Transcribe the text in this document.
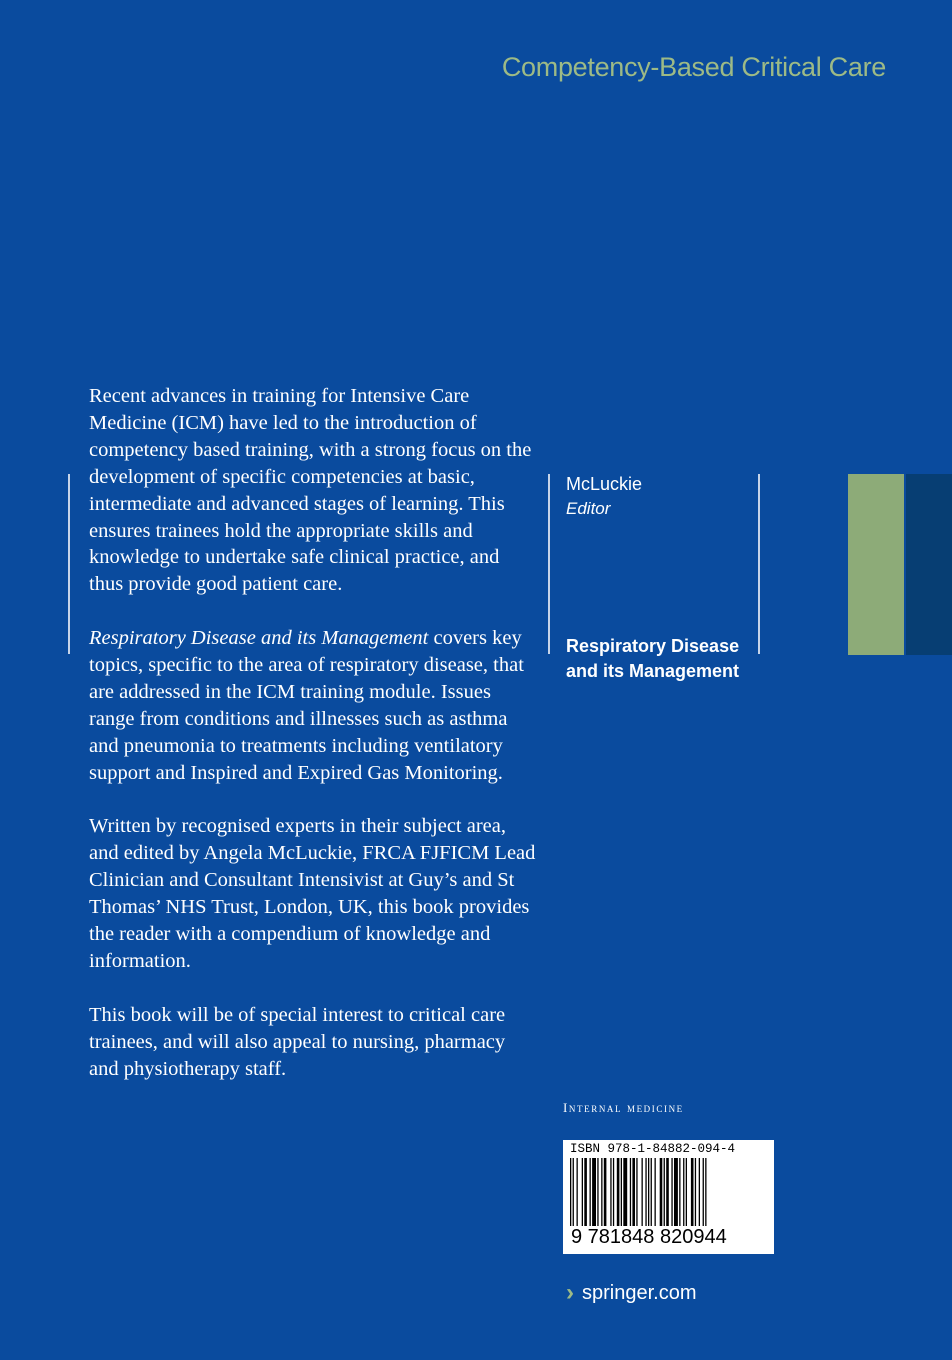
Competency-Based Critical Care

Recent advances in training for Intensive Care Medicine (ICM) have led to the introduction of competency based training, with a strong focus on the development of specific competencies at basic, intermediate and advanced stages of learning. This ensures trainees hold the appropriate skills and knowledge to undertake safe clinical practice, and thus provide good patient care.

Respiratory Disease and its Management covers key topics, specific to the area of respiratory disease, that are addressed in the ICM training module. Issues range from conditions and illnesses such as asthma and pneumonia to treatments including ventilatory support and Inspired and Expired Gas Monitoring.

Written by recognised experts in their subject area, and edited by Angela McLuckie, FRCA FJFICM Lead Clinician and Consultant Intensivist at Guy’s and St Thomas’ NHS Trust, London, UK, this book provides the reader with a compendium of knowledge and information.

This book will be of special interest to critical care trainees, and will also appeal to nursing, pharmacy and physiotherapy staff.

McLuckie
Editor
Respiratory Disease
and its Management
Internal medicine
ISBN 978-1-84882-094-4
9 781848 820944
› springer.com
